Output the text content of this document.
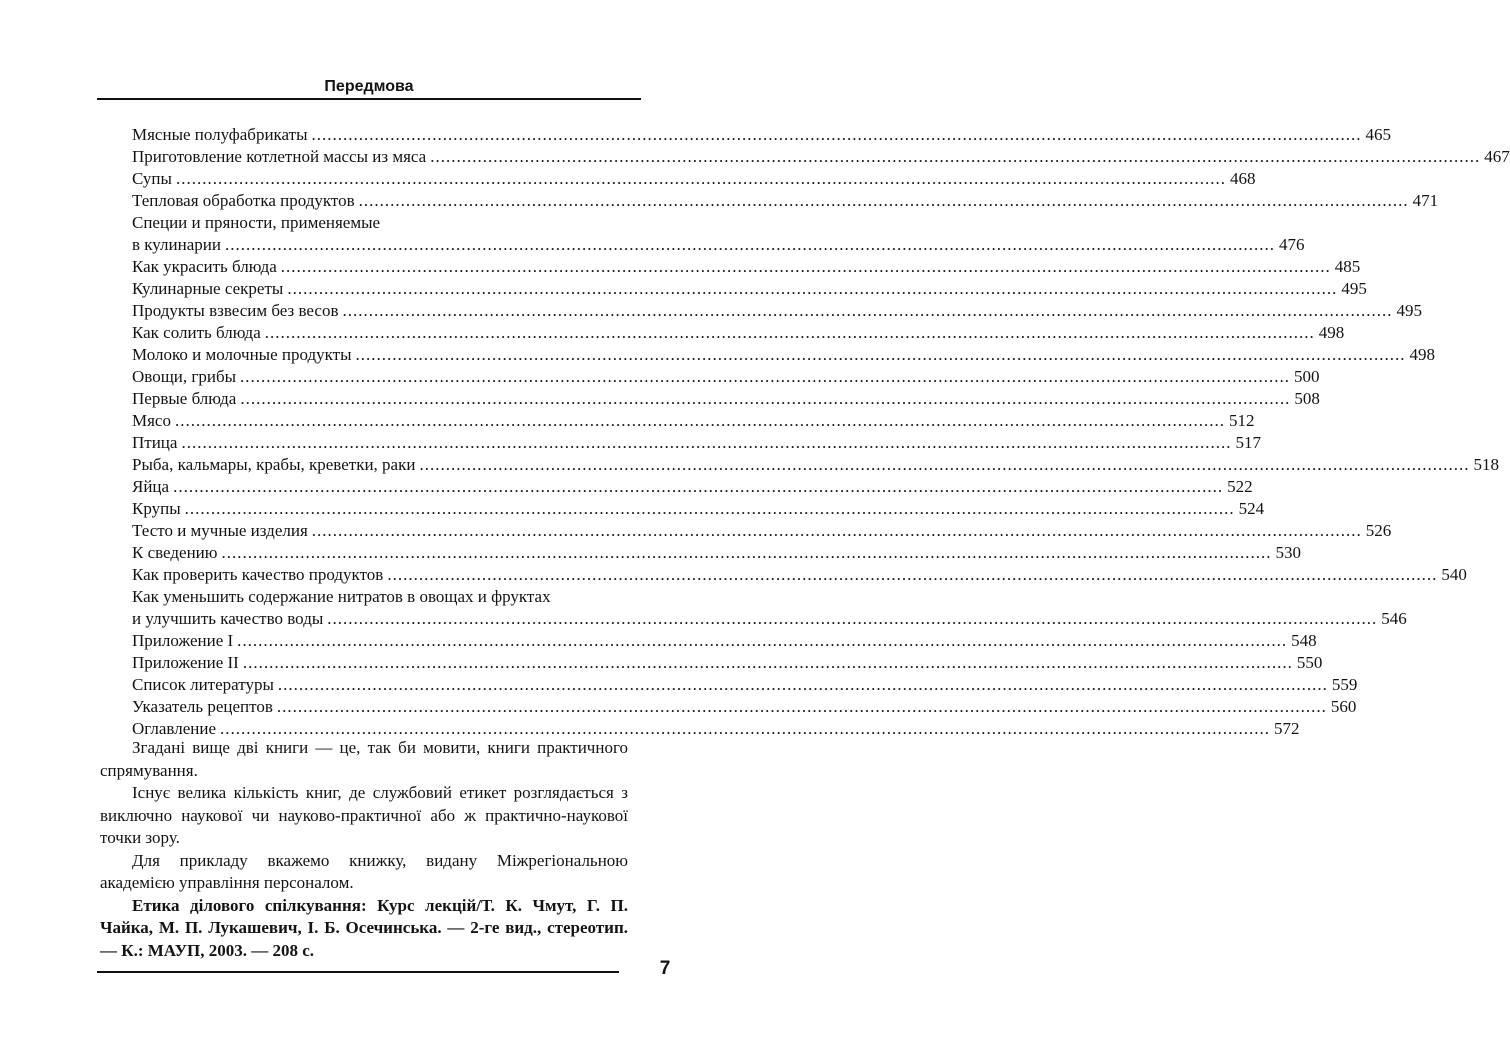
Передмова
Мясные полуфабрикаты ........................................................................................................................................................................................................ 465
Приготовление котлетной массы из мяса ........................................................................................................................................................................................................ 467
Супы ........................................................................................................................................................................................................ 468
Тепловая обработка продуктов ........................................................................................................................................................................................................ 471
Специи и пряности, применяемые
в кулинарии ........................................................................................................................................................................................................ 476
Как украсить блюда ........................................................................................................................................................................................................ 485
Кулинарные секреты ........................................................................................................................................................................................................ 495
Продукты взвесим без весов ........................................................................................................................................................................................................ 495
Как солить блюда ........................................................................................................................................................................................................ 498
Молоко и молочные продукты ........................................................................................................................................................................................................ 498
Овощи, грибы ........................................................................................................................................................................................................ 500
Первые блюда ........................................................................................................................................................................................................ 508
Мясо ........................................................................................................................................................................................................ 512
Птица ........................................................................................................................................................................................................ 517
Рыба, кальмары, крабы, креветки, раки ........................................................................................................................................................................................................ 518
Яйца ........................................................................................................................................................................................................ 522
Крупы ........................................................................................................................................................................................................ 524
Тесто и мучные изделия ........................................................................................................................................................................................................ 526
К сведению ........................................................................................................................................................................................................ 530
Как проверить качество продуктов ........................................................................................................................................................................................................ 540
Как уменьшить содержание нитратов в овощах и фруктах
и улучшить качество воды ........................................................................................................................................................................................................ 546
Приложение I ........................................................................................................................................................................................................ 548
Приложение II ........................................................................................................................................................................................................ 550
Список литературы ........................................................................................................................................................................................................ 559
Указатель рецептов ........................................................................................................................................................................................................ 560
Оглавление ........................................................................................................................................................................................................ 572

Згадані вище дві книги — це, так би мовити, книги практичного спрямування.

Існує велика кількість книг, де службовий етикет розглядається з виключно наукової чи науково-практичної або ж практично-наукової точки зору.

Для прикладу вкажемо книжку, видану Міжрегіональною академією управління персоналом.

Етика ділового спілкування: Курс лекцій/Т. К. Чмут, Г. П. Чайка, М. П. Лукашевич, І. Б. Осечинська. — 2-ге вид., стереотип. — К.: МАУП, 2003. — 208 с.

7
